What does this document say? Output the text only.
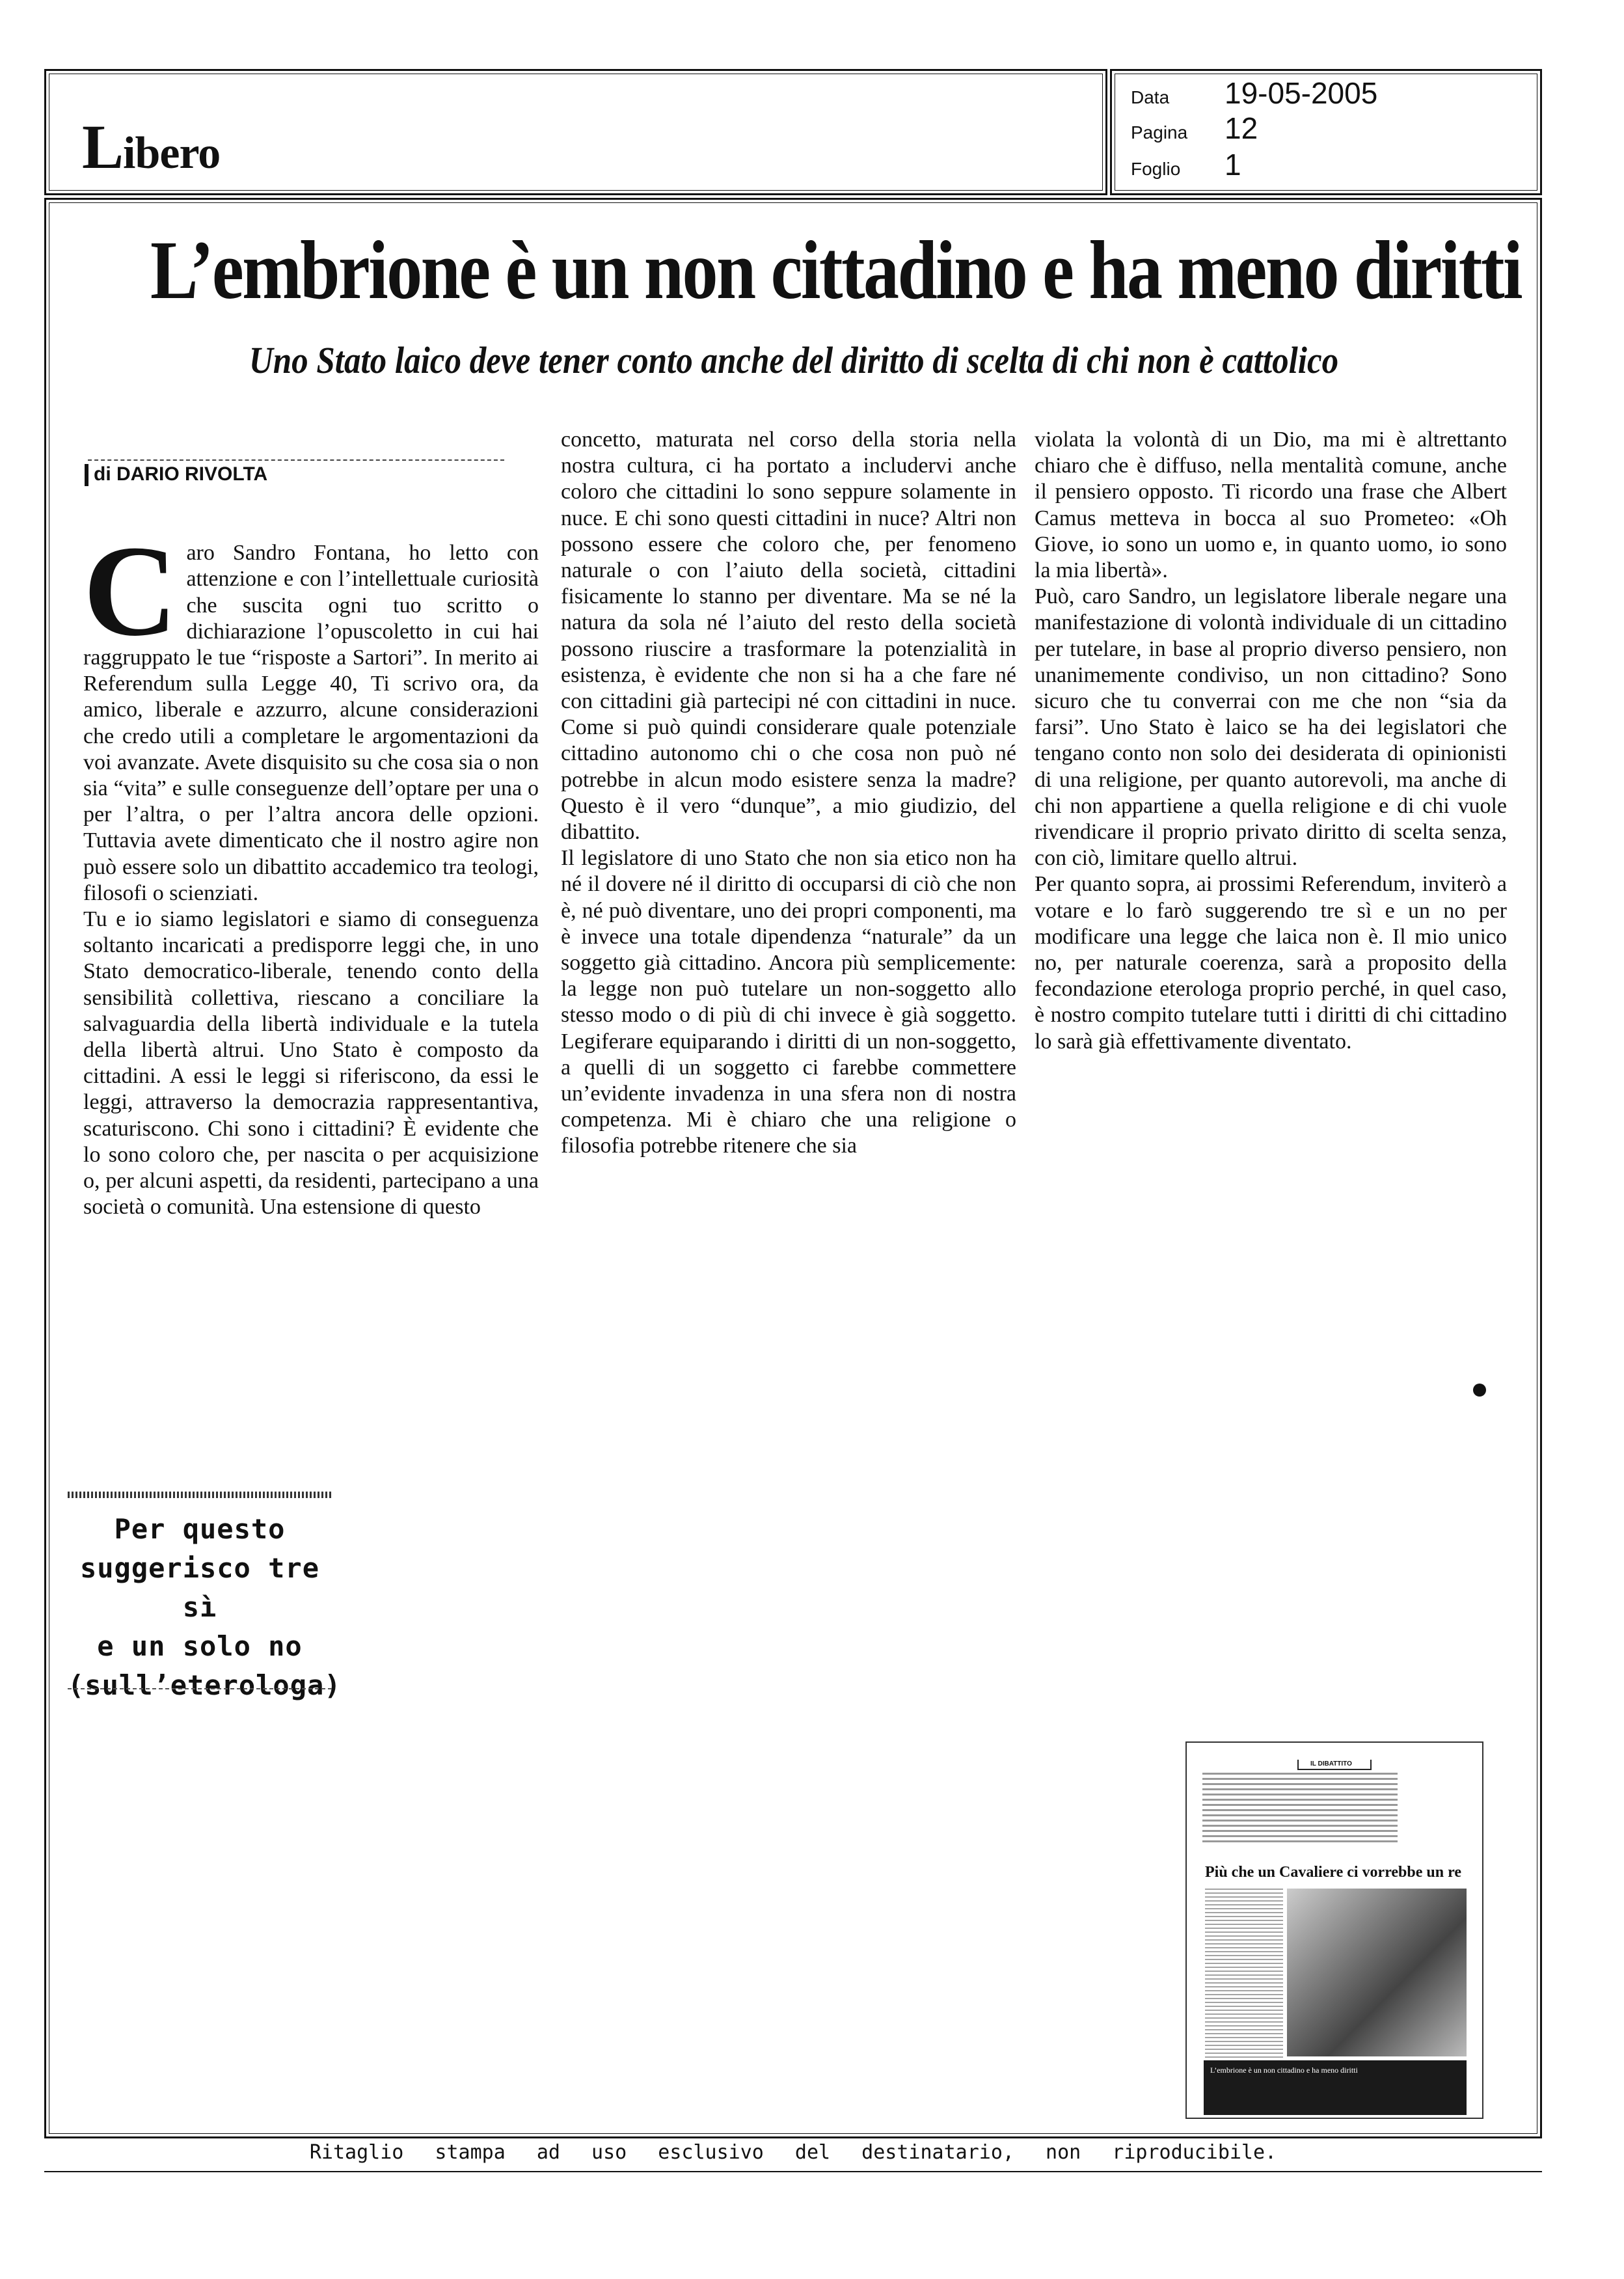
Libero
Data	19-05-2005
Pagina	12
Foglio	1
L’embrione è un non cittadino e ha meno diritti
Uno Stato laico deve tener conto anche del diritto di scelta di chi non è cattolico
di DARIO RIVOLTA

Caro Sandro Fontana, ho letto con attenzione e con l’intellettuale curiosità che suscita ogni tuo scritto o dichiarazione l’opuscoletto in cui hai raggruppato le tue “risposte a Sartori”. In merito ai Referendum sulla Legge 40, Ti scrivo ora, da amico, liberale e azzurro, alcune considerazioni che credo utili a completare le argomentazioni da voi avanzate. Avete disquisito su che cosa sia o non sia “vita” e sulle conseguenze dell’optare per una o per l’altra, o per l’altra ancora delle opzioni. Tuttavia avete dimenticato che il nostro agire non può essere solo un dibattito accademico tra teologi, filosofi o scienziati.
Tu e io siamo legislatori e siamo di conseguenza soltanto incaricati a predisporre leggi che, in uno Stato democratico-liberale, tenendo conto della sensibilità collettiva, riescano a conciliare la salvaguardia della libertà individuale e la tutela della libertà altrui. Uno Stato è composto da cittadini. A essi le leggi si riferiscono, da essi le leggi, attraverso la democrazia rappresentantiva, scaturiscono. Chi sono i cittadini? È evidente che lo sono coloro che, per nascita o per acquisizione o, per alcuni aspetti, da residenti, partecipano a una società o comunità. Una estensione di questo

concetto, maturata nel corso della storia nella nostra cultura, ci ha portato a includervi anche coloro che cittadini lo sono seppure solamente in nuce. E chi sono questi cittadini in nuce? Altri non possono essere che coloro che, per fenomeno naturale o con l’aiuto della società, cittadini fisicamente lo stanno per diventare. Ma se né la natura da sola né l’aiuto del resto della società possono riuscire a trasformare la potenzialità in esistenza, è evidente che non si ha a che fare né con cittadini già partecipi né con cittadini in nuce. Come si può quindi considerare quale potenziale cittadino autonomo chi o che cosa non può né potrebbe in alcun modo esistere senza la madre? Questo è il vero “dunque”, a mio giudizio, del dibattito.
Il legislatore di uno Stato che non sia etico non ha né il dovere né il diritto di occuparsi di ciò che non è, né può diventare, uno dei propri componenti, ma è invece una totale dipendenza “naturale” da un soggetto già cittadino. Ancora più semplicemente: la legge non può tutelare un non-soggetto allo stesso modo o di più di chi invece è già soggetto. Legiferare equiparando i diritti di un non-soggetto, a quelli di un soggetto ci farebbe commettere un’evidente invadenza in una sfera non di nostra competenza. Mi è chiaro che una religione o filosofia potrebbe ritenere che sia
violata la volontà di un Dio, ma mi è altrettanto chiaro che è diffuso, nella mentalità comune, anche il pensiero opposto. Ti ricordo una frase che Albert Camus metteva in bocca al suo Prometeo: «Oh Giove, io sono un uomo e, in quanto uomo, io sono la mia libertà».
Può, caro Sandro, un legislatore liberale negare una manifestazione di volontà individuale di un cittadino per tutelare, in base al proprio diverso pensiero, non unanimemente condiviso, un non cittadino? Sono sicuro che tu converrai con me che non “sia da farsi”. Uno Stato è laico se ha dei legislatori che tengano conto non solo dei desiderata di opinionisti di una religione, per quanto autorevoli, ma anche di chi non appartiene a quella religione e di chi vuole rivendicare il proprio privato diritto di scelta senza, con ciò, limitare quello altrui.
Per quanto sopra, ai prossimi Referendum, inviterò a votare e lo farò suggerendo tre sì e un no per modificare una legge che laica non è. Il mio unico no, per naturale coerenza, sarà a proposito della fecondazione eterologa proprio perché, in quel caso, è nostro compito tutelare tutti i diritti di chi cittadino lo sarà già effettivamente diventato.
Per questo
suggerisco tre sì
e un solo no
(sull’eterologa)
IL DIBATTITO
Più che un Cavaliere ci vorrebbe un re
L’embrione è un non cittadino e ha meno diritti
Ritaglio stampa ad uso esclusivo del destinatario, non riproducibile.
